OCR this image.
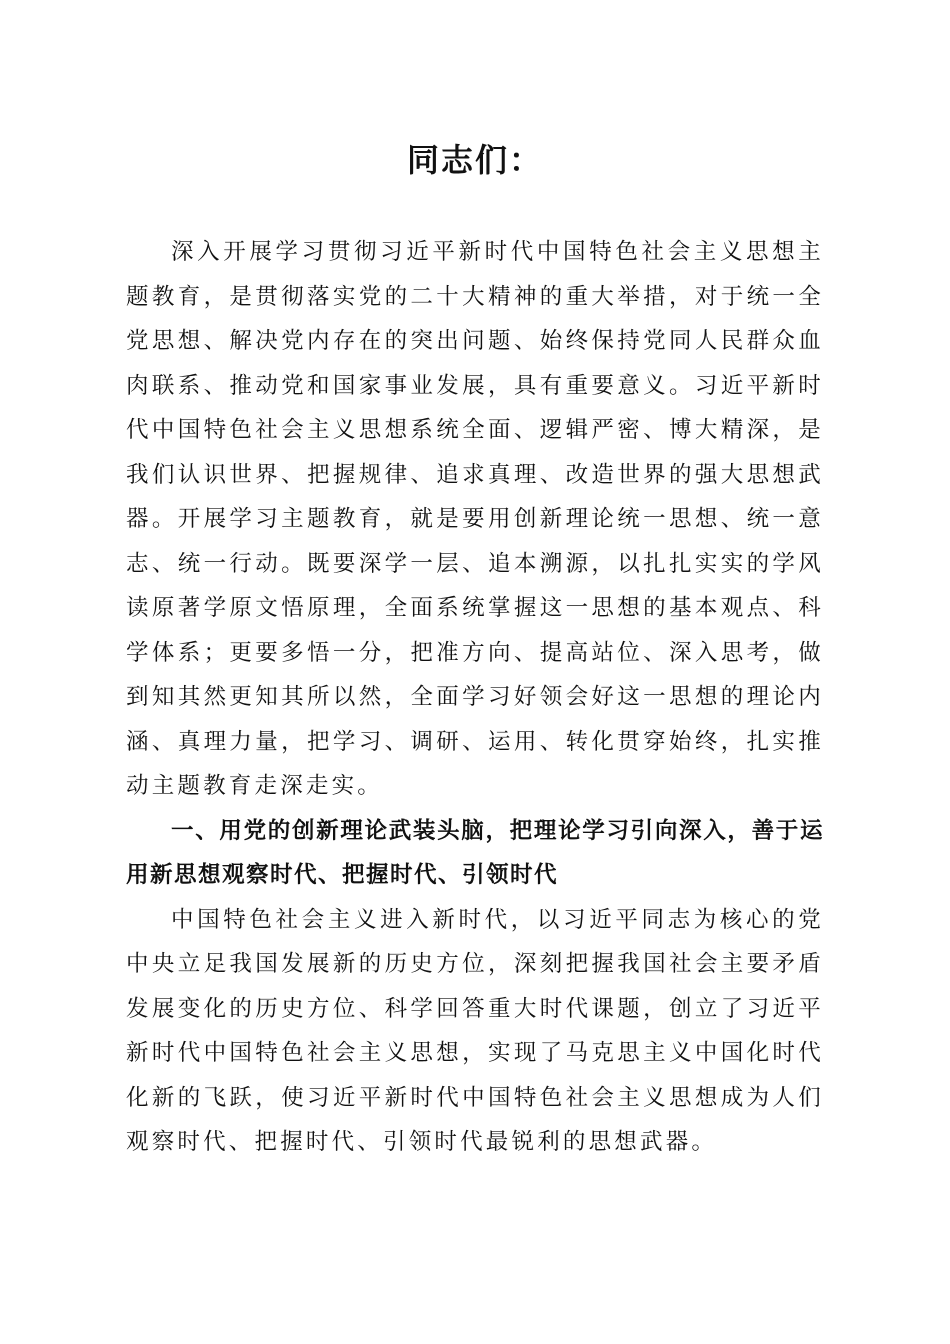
同志们：

深入开展学习贯彻习近平新时代中国特色社会主义思想主题教育，是贯彻落实党的二十大精神的重大举措，对于统一全党思想、解决党内存在的突出问题、始终保持党同人民群众血肉联系、推动党和国家事业发展，具有重要意义。习近平新时代中国特色社会主义思想系统全面、逻辑严密、博大精深，是我们认识世界、把握规律、追求真理、改造世界的强大思想武器。开展学习主题教育，就是要用创新理论统一思想、统一意志、统一行动。既要深学一层、追本溯源，以扎扎实实的学风读原著学原文悟原理，全面系统掌握这一思想的基本观点、科学体系；更要多悟一分，把准方向、提高站位、深入思考，做到知其然更知其所以然，全面学习好领会好这一思想的理论内涵、真理力量，把学习、调研、运用、转化贯穿始终，扎实推动主题教育走深走实。

一、用党的创新理论武装头脑，把理论学习引向深入，善于运用新思想观察时代、把握时代、引领时代

中国特色社会主义进入新时代，以习近平同志为核心的党中央立足我国发展新的历史方位，深刻把握我国社会主要矛盾发展变化的历史方位、科学回答重大时代课题，创立了习近平新时代中国特色社会主义思想，实现了马克思主义中国化时代化新的飞跃，使习近平新时代中国特色社会主义思想成为人们观察时代、把握时代、引领时代最锐利的思想武器。
